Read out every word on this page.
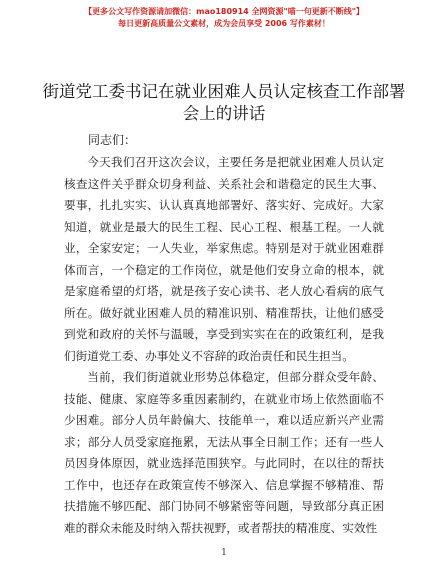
【更多公文写作资源请加微信：mao180914 全网资源"喵一句更新不断线"】
每日更新高质量公文素材，成为会员享受 2006 写作素材！
街道党工委书记在就业困难人员认定核查工作部署会上的讲话
同志们：

今天我们召开这次会议，主要任务是把就业困难人员认定核查这件关乎群众切身利益、关系社会和谐稳定的民生大事、要事，扎扎实实、认认真真地部署好、落实好、完成好。大家知道，就业是最大的民生工程、民心工程、根基工程。一人就业，全家安定；一人失业，举家焦虑。特别是对于就业困难群体而言，一个稳定的工作岗位，就是他们安身立命的根本，就是家庭希望的灯塔，就是孩子安心读书、老人放心看病的底气所在。做好就业困难人员的精准识别、精准帮扶，让他们感受到党和政府的关怀与温暖，享受到实实在在的政策红利，是我们街道党工委、办事处义不容辞的政治责任和民生担当。

当前，我们街道就业形势总体稳定，但部分群众受年龄、技能、健康、家庭等多重因素制约，在就业市场上依然面临不少困难。部分人员年龄偏大、技能单一，难以适应新兴产业需求；部分人员受家庭拖累，无法从事全日制工作；还有一些人员因身体原因，就业选择范围狭窄。与此同时，在以往的帮扶工作中，也还存在政策宣传不够深入、信息掌握不够精准、帮扶措施不够匹配、部门协同不够紧密等问题，导致部分真正困难的群众未能及时纳入帮扶视野，或者帮扶的精准度、实效性

1
